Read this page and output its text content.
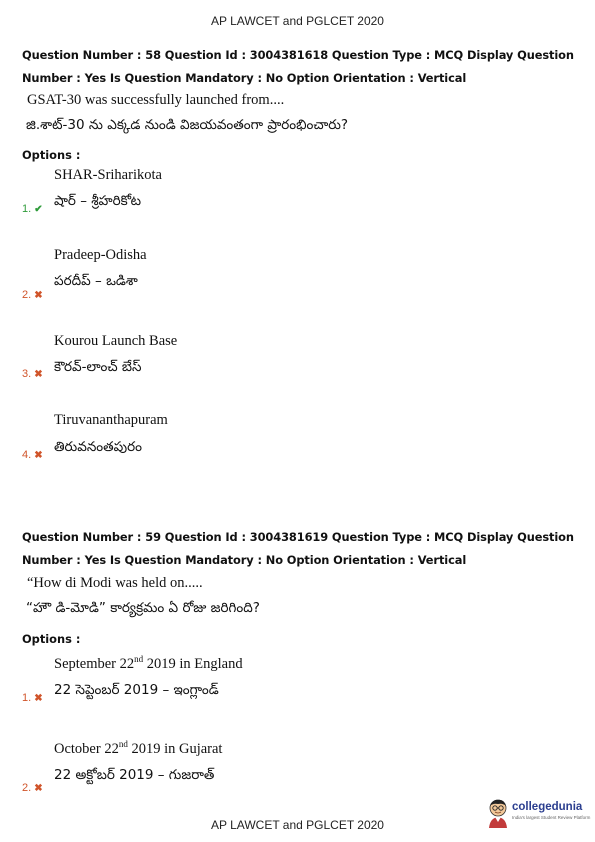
AP LAWCET and PGLCET 2020
Question Number : 58 Question Id : 3004381618 Question Type : MCQ Display Question
Number : Yes Is Question Mandatory : No Option Orientation : Vertical
GSAT-30 was successfully launched from....
జి.శాట్-30 ను ఎక్కడ నుండి విజయవంతంగా ప్రారంభించారు?
Options :
SHAR-Sriharikota
షార్ – శ్రీహరికోట
1. ✔
Pradeep-Odisha
పరదీప్ – ఒడిశా
2. ✖
Kourou Launch Base
కౌరవ్-లాంచ్ బేస్
3. ✖
Tiruvananthapuram
తిరువనంతపురం
4. ✖
Question Number : 59 Question Id : 3004381619 Question Type : MCQ Display Question
Number : Yes Is Question Mandatory : No Option Orientation : Vertical
“How di Modi was held on.....
“హౌ డి-మోడి” కార్యక్రమం ఏ రోజు జరిగింది?
Options :
September 22nd 2019 in England
22 సెప్టెంబర్ 2019 – ఇంగ్లాండ్
1. ✖
October 22nd 2019 in Gujarat
22 అక్టోబర్ 2019 – గుజరాత్
2. ✖
AP LAWCET and PGLCET 2020
collegedunia
India's largest Student Review Platform
